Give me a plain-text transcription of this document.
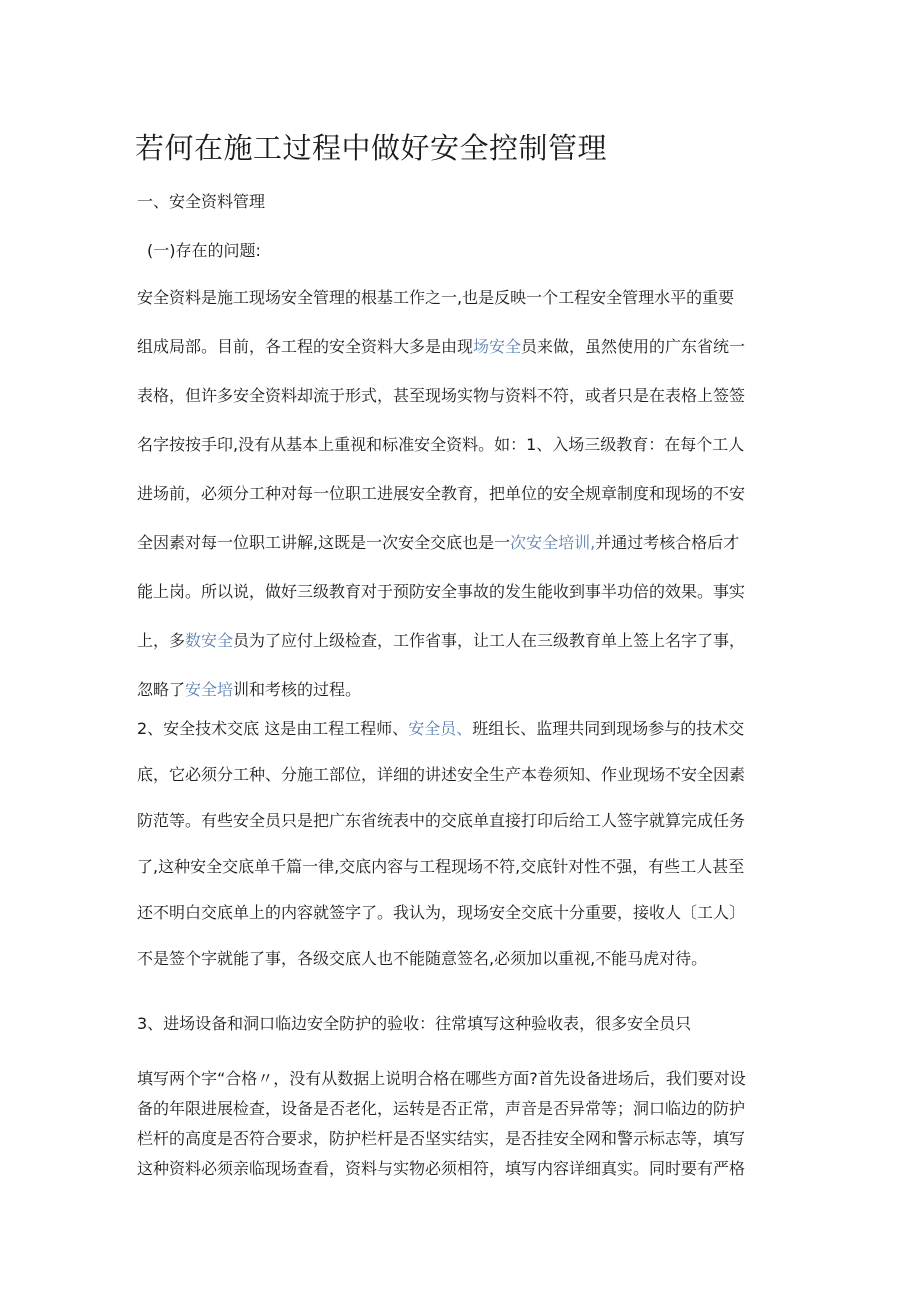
若何在施工过程中做好安全控制管理
一、安全资料管理
(一)存在的问题:
安全资料是施工现场安全管理的根基工作之一,也是反映一个工程安全管理水平的重要
组成局部。目前，各工程的安全资料大多是由现场安全员来做，虽然使用的广东省统一
表格，但许多安全资料却流于形式，甚至现场实物与资料不符，或者只是在表格上签签
名字按按手印,没有从基本上重视和标准安全资料。如：1、入场三级教育：在每个工人
进场前，必须分工种对每一位职工进展安全教育，把单位的安全规章制度和现场的不安
全因素对每一位职工讲解,这既是一次安全交底也是一次安全培训,并通过考核合格后才
能上岗。所以说，做好三级教育对于预防安全事故的发生能收到事半功倍的效果。事实
上，多数安全员为了应付上级检查，工作省事，让工人在三级教育单上签上名字了事，
忽略了安全培训和考核的过程。
2、安全技术交底 这是由工程工程师、安全员、班组长、监理共同到现场参与的技术交
底，它必须分工种、分施工部位，详细的讲述安全生产本卷须知、作业现场不安全因素
防范等。有些安全员只是把广东省统表中的交底单直接打印后给工人签字就算完成任务
了,这种安全交底单千篇一律,交底内容与工程现场不符,交底针对性不强，有些工人甚至
还不明白交底单上的内容就签字了。我认为，现场安全交底十分重要，接收人〔工人〕
不是签个字就能了事，各级交底人也不能随意签名,必须加以重视,不能马虎对待。
3、进场设备和洞口临边安全防护的验收：往常填写这种验收表，很多安全员只
填写两个字“合格〃，没有从数据上说明合格在哪些方面?首先设备进场后，我们要对设
备的年限进展检查，设备是否老化，运转是否正常，声音是否异常等；洞口临边的防护
栏杆的高度是否符合要求，防护栏杆是否坚实结实，是否挂安全网和警示标志等，填写
这种资料必须亲临现场查看，资料与实物必须相符，填写内容详细真实。同时要有严格
